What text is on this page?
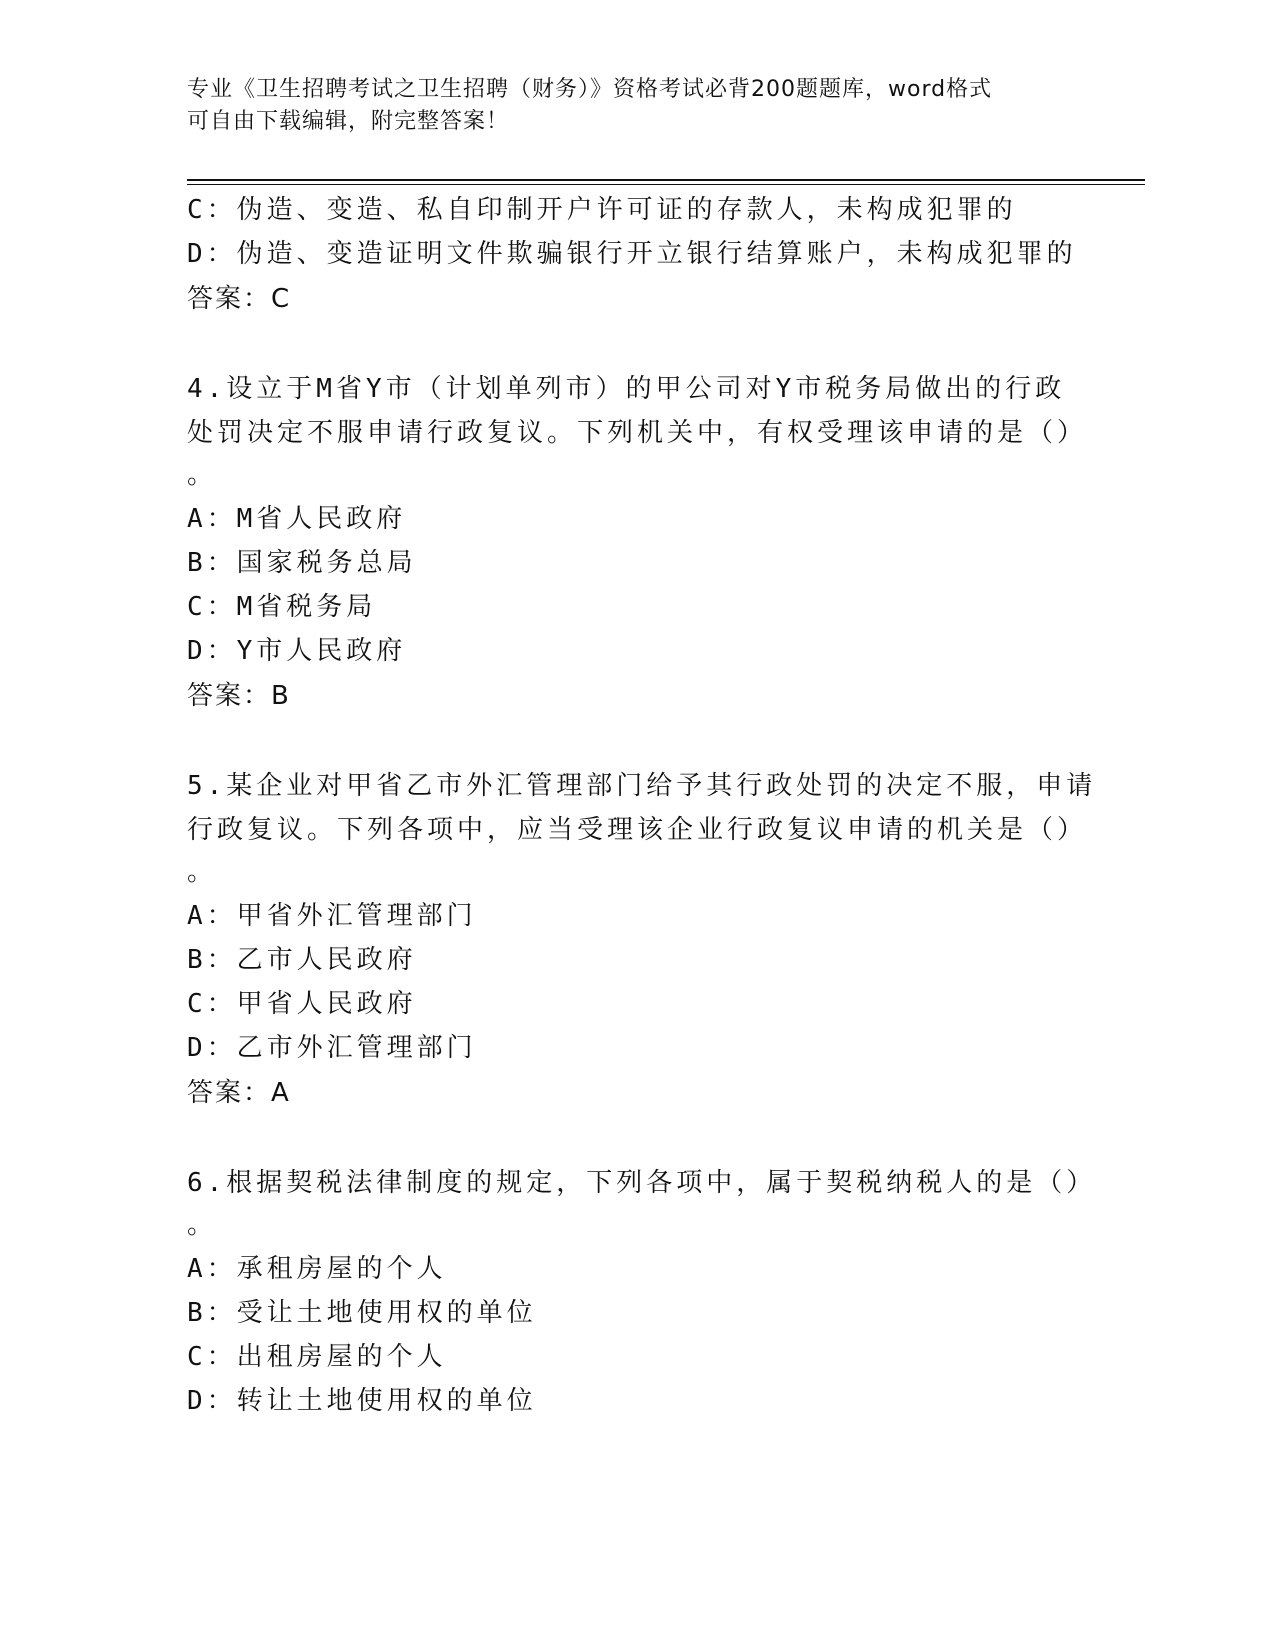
专业《卫生招聘考试之卫生招聘（财务）》资格考试必背200题题库，word格式
可自由下载编辑，附完整答案！
C：伪造、变造、私自印制开户许可证的存款人，未构成犯罪的
D：伪造、变造证明文件欺骗银行开立银行结算账户，未构成犯罪的
答案：C
4.设立于M省Y市（计划单列市）的甲公司对Y市税务局做出的行政
处罚决定不服申请行政复议。下列机关中，有权受理该申请的是（）
。
A：M省人民政府
B：国家税务总局
C：M省税务局
D：Y市人民政府
答案：B
5.某企业对甲省乙市外汇管理部门给予其行政处罚的决定不服，申请
行政复议。下列各项中，应当受理该企业行政复议申请的机关是（）
。
A：甲省外汇管理部门
B：乙市人民政府
C：甲省人民政府
D：乙市外汇管理部门
答案：A
6.根据契税法律制度的规定，下列各项中，属于契税纳税人的是（）
。
A：承租房屋的个人
B：受让土地使用权的单位
C：出租房屋的个人
D：转让土地使用权的单位
